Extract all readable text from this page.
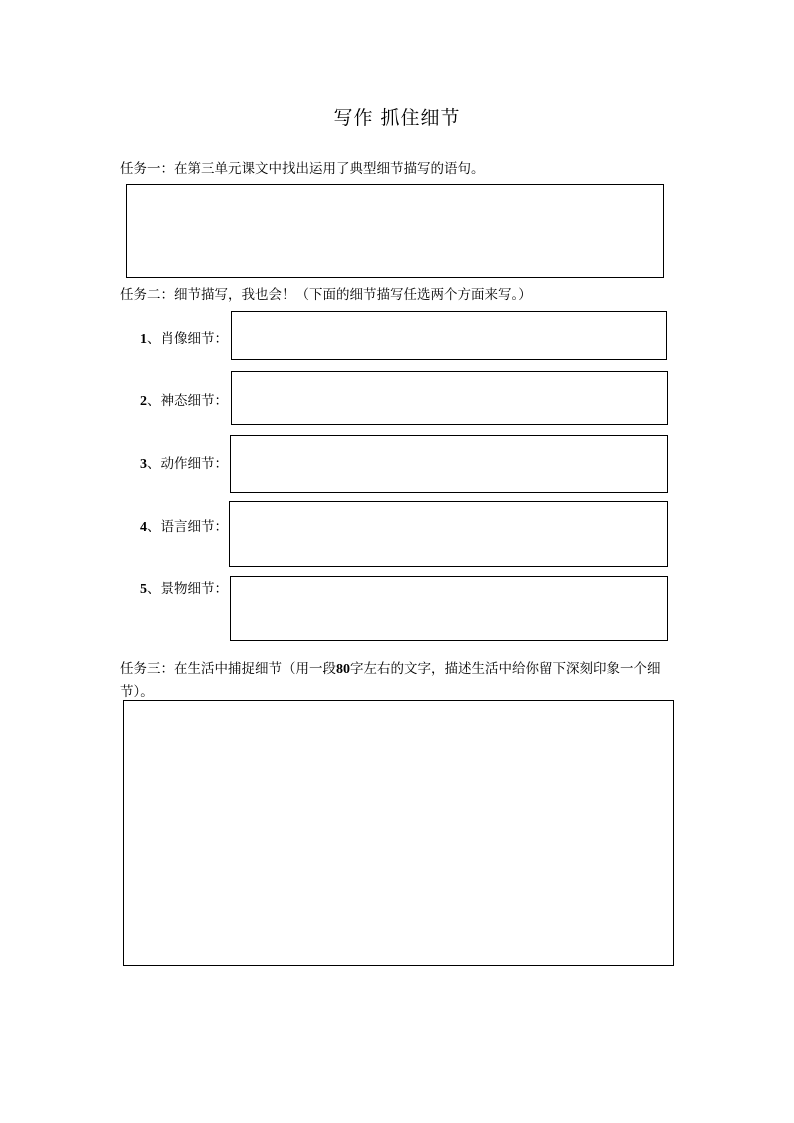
写作 抓住细节
任务一：在第三单元课文中找出运用了典型细节描写的语句。
任务二：细节描写，我也会！（下面的细节描写任选两个方面来写。）
1、肖像细节：
2、神态细节：
3、动作细节：
4、语言细节：
5、景物细节：
任务三：在生活中捕捉细节（用一段80字左右的文字，描述生活中给你留下深刻印象一个细节）。
